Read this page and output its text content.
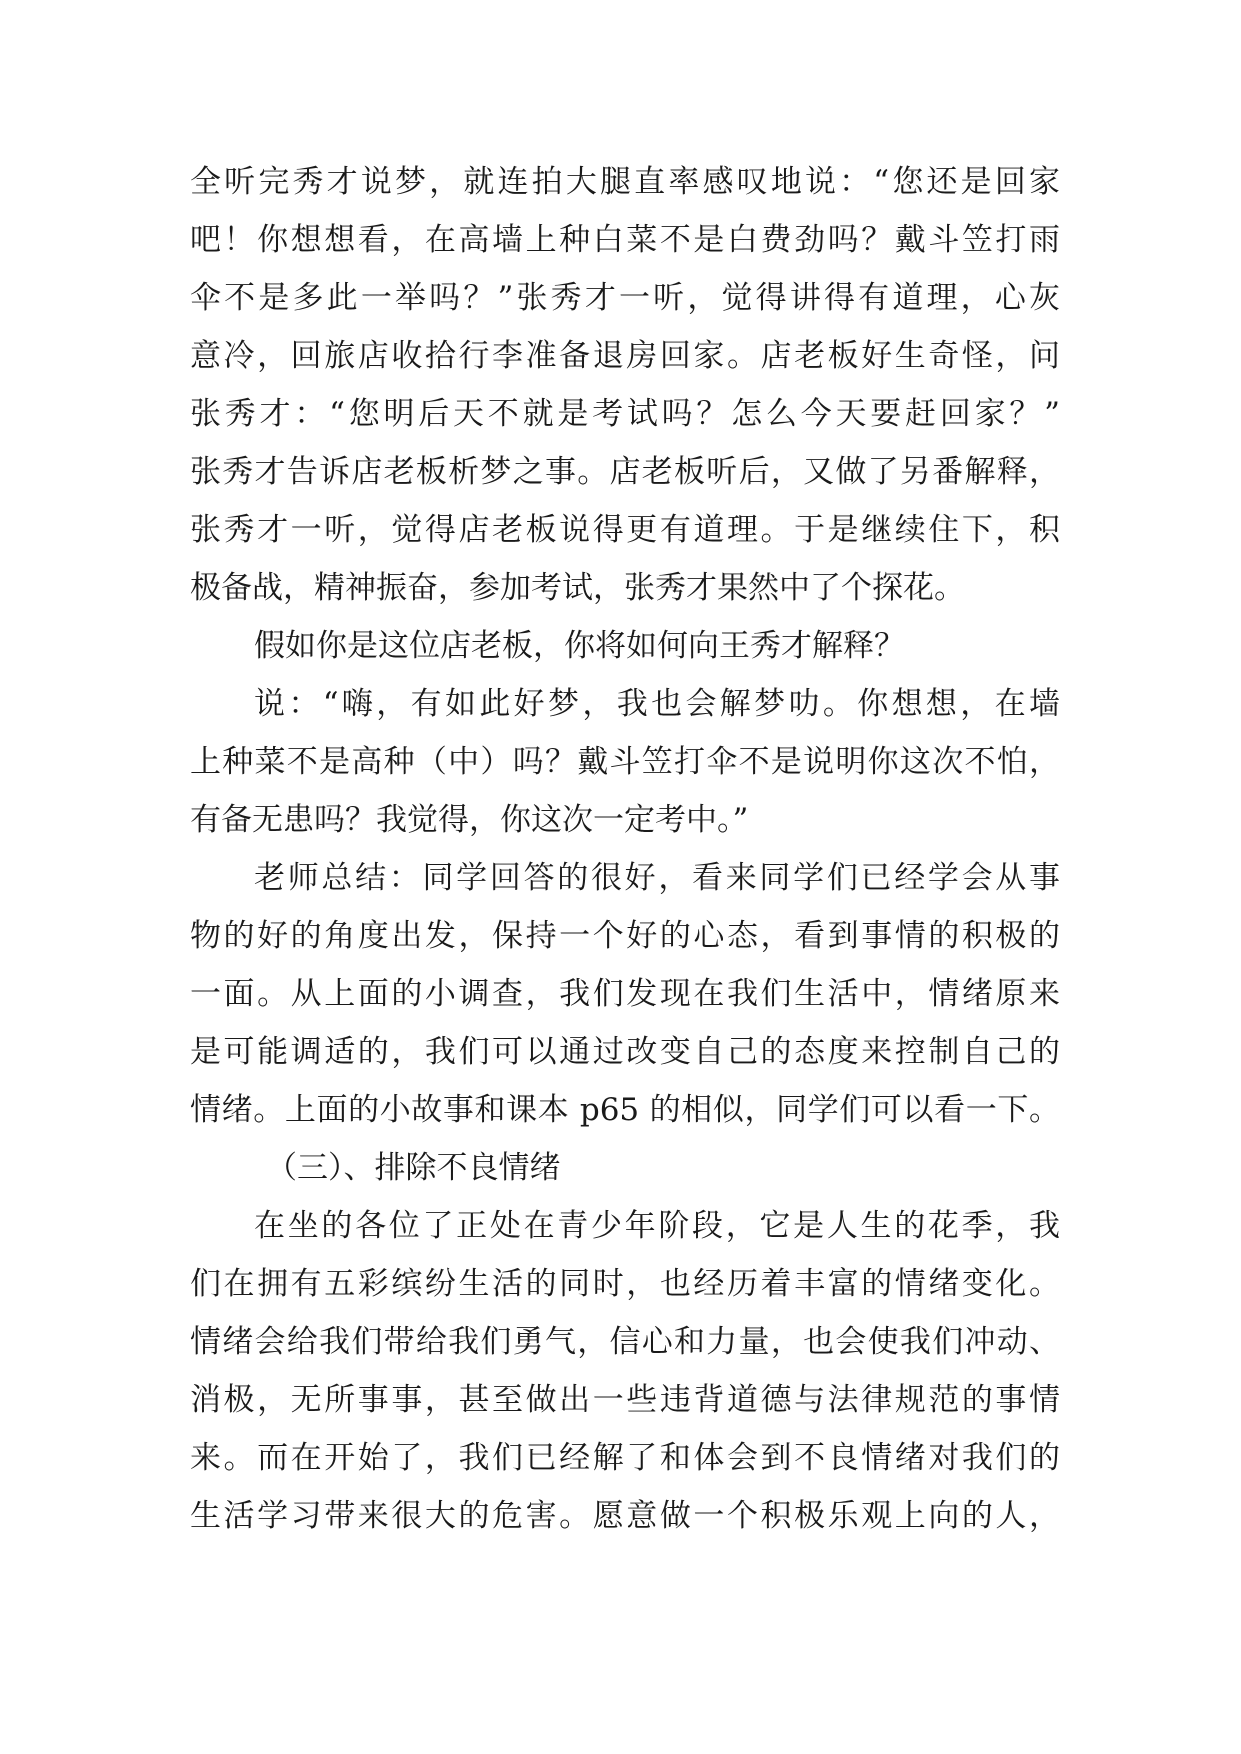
全听完秀才说梦，就连拍大腿直率感叹地说：“您还是回家
吧！你想想看，在高墙上种白菜不是白费劲吗？戴斗笠打雨
伞不是多此一举吗？”张秀才一听，觉得讲得有道理，心灰
意冷，回旅店收拾行李准备退房回家。店老板好生奇怪，问
张秀才：“您明后天不就是考试吗？怎么今天要赶回家？”
张秀才告诉店老板析梦之事。店老板听后，又做了另番解释，
张秀才一听，觉得店老板说得更有道理。于是继续住下，积
极备战，精神振奋，参加考试，张秀才果然中了个探花。
假如你是这位店老板，你将如何向王秀才解释？
说：“嗨，有如此好梦，我也会解梦叻。你想想，在墙
上种菜不是高种（中）吗？戴斗笠打伞不是说明你这次不怕，
有备无患吗？我觉得，你这次一定考中。”
老师总结：同学回答的很好，看来同学们已经学会从事
物的好的角度出发，保持一个好的心态，看到事情的积极的
一面。从上面的小调查，我们发现在我们生活中，情绪原来
是可能调适的，我们可以通过改变自己的态度来控制自己的
情绪。上面的小故事和课本 p65 的相似，同学们可以看一下。
（三）、排除不良情绪
在坐的各位了正处在青少年阶段，它是人生的花季，我
们在拥有五彩缤纷生活的同时，也经历着丰富的情绪变化。
情绪会给我们带给我们勇气，信心和力量，也会使我们冲动、
消极，无所事事，甚至做出一些违背道德与法律规范的事情
来。而在开始了，我们已经解了和体会到不良情绪对我们的
生活学习带来很大的危害。愿意做一个积极乐观上向的人，
